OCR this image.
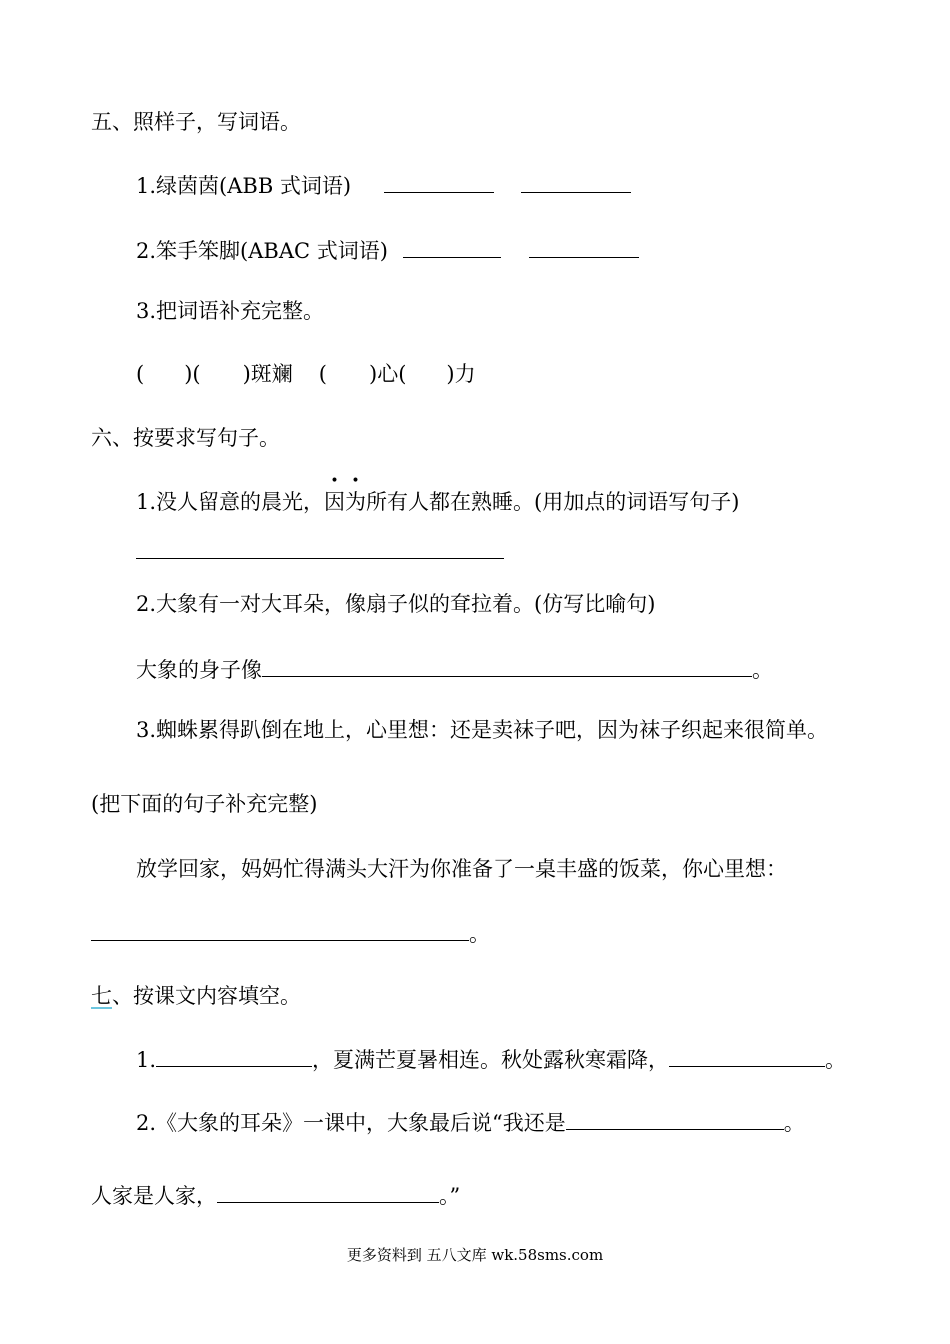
五、照样子，写词语。
1.绿茵茵(ABB 式词语)
2.笨手笨脚(ABAC 式词语)
3.把词语补充完整。
( )( )斑斓 ( )心( )力
六、按要求写句子。
1.没人留意的晨光，
•
因
•
为所有人都在熟睡。(用加点的词语写句子)
2.大象有一对大耳朵，像扇子似的耷拉着。(仿写比喻句)
大象的身子像	。
3.蜘蛛累得趴倒在地上，心里想：还是卖袜子吧，因为袜子织起来很简单。
(把下面的句子补充完整)
放学回家，妈妈忙得满头大汗为你准备了一桌丰盛的饭菜，你心里想：
。
七、按课文内容填空。
1.	，夏满芒夏暑相连。秋处露秋寒霜降，	。
2.《大象的耳朵》一课中，大象最后说“我还是	。
人家是人家，	。”
更多资料到 五八文库 wk.58sms.com
